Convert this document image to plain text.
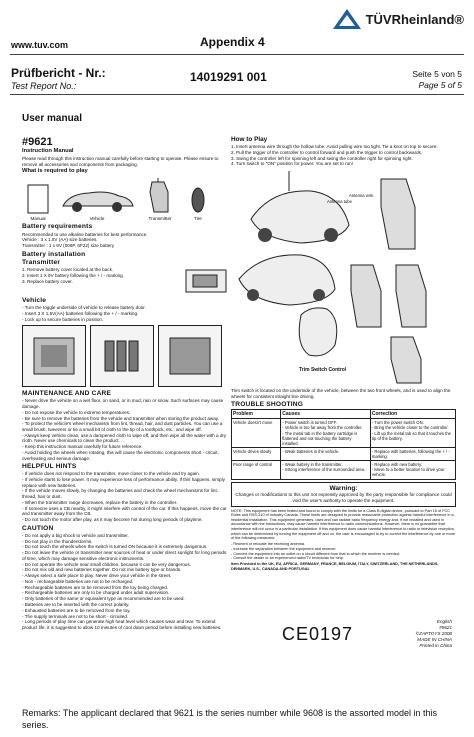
www.tuv.com	Appendix 4
TÜVRheinland®
Prüfbericht - Nr.:
Test Report No.:
14019291 001	Seite 5 von 5
Page 5 of 5
User manual
#9621
Instruction Manual
Please read through this instruction manual carefully before starting to operate. Please ensure to remove all accessories and components from packaging.
What is required to play
Manual	Vehicle	Transmitter	Tire
Battery requirements
Recommended to use alkaline batteries for best performance.
Vehicle : 3 x 1.5V (AA) size batteries.
Transmitter : 1 x 9V (006P, 6F22) size battery
Battery installation
Transmitter
1. Remove battery cover located at the back.
2. Insert 1 X 9V battery following the + / - marking.
3. Replace battery cover.
Vehicle
- Turn the toggle underside of vehicle to release battery door.
- Insert 3 X 1.5V(AA) batteries following the + / - marking.
- Lock up to secure batteries in position.
MAINTENANCE AND CARE
- Never drive the vehicle on a wet floor, on sand, or in mud, rain or snow. Such surfaces may cause damage.
- Do not expose the vehicle to extreme temperatures.
- Be sure to remove the batteries from the vehicle and transmitter when storing the product away.
- To protect the vehicle's wheel mechanism from lint, thread, hair, and dust particles. You can use a small brush, tweezers or tie a small bit of cloth to the tip of a toothpick, etc., and wipe off.
- Always keep vehicle clean, use a dampened cloth to wipe off, and then wipe all the water with a dry cloth. Never use chemicals to clean the product.
- Keep this instruction manual carefully for future reference.
- Avoid holding the wheels when rotating, this will cause the electronic components short - circuit, overheating and serious damage.
HELPFUL HINTS
- If vehicle does not respond to the transmitter, move closer to the vehicle and try again.
- If vehicle starts to lose power. It may experience loss of performance ability. If this happens, simply replace with new batteries.
- If the vehicle moves slowly, by changing the batteries and check the wheel mechanisms for lint, thread, hair or dust.
- When the transmitter range decreases, replace the battery in the controller.
- If someone uses a CB nearby, it might interfere with control of the car. If this happens, move the car and transmitter away from the CB.
- Do not touch the motor after play, as it may become hot during long periods of playtime.
CAUTION
- Do not apply a big shock to vehicle and transmitter.
- Do not play in the thunderstorms.
- Do not touch the wheels when the switch is turned ON because it is extremely dangerous.
- Do not leave the vehicle or transmitter near sources of heat or under direct sunlight for long periods of time, which may damage sensitive electronic instruments.
- Do not operate the vehicle near small children, because it can be very dangerous.
- Do not mix old and new batteries together. Do not mix battery type or brands.
- Always select a safe place to play. Never drive your vehicle in the street.
- Non - rechargeable batteries are not to be recharged.
- Rechargeable batteries are to be removed from the toy being charged.
- Rechargeable batteries are only to be charged under adult supervision.
- Only batteries of the same or equivalent type as recommended are to be used.
- Batteries are to be inserted with the correct polarity.
- Exhausted batteries are to be removed from the toy.
- The supply terminals are not to be short - circuited.
- Long periods of play time can generate high heat level which causes wear and tear. To extend product life, it is suggested to allow 10 minutes of cool down period before installing new batteries.
How to Play
1. Insert antenna wire through the hollow tube. Avoid pulling wire too tight. Tie a knot on top to secure.
2. Pull the trigger of the controller to control forward and push the trigger to control backwards.
3. Swing the controller left for spinning left and swing the controller right for spinning right.
4. Turn switch to "ON" position for power. You are set to run!
Antenna wire
Antenna tube
Trim Switch Control
Trim switch is located on the underside of the vehicle, between the two front wheels, and is used to align the wheels for consistent straight line driving.
TROUBLE SHOOTING
Problem	Causes	Correction
Vehicle doesn't move	- Power switch is turned OFF.
- Vehicle is too far away from the controller.
- The metal tab in the battery cartridge is flattened and not touching the battery installed.	- Turn the power switch ON.
- Bring the vehicle closer to the controller.
- Lift up the metal tab so that it touches the tip of the battery.
Vehicle drives slowly	- Weak batteries in the vehicle.	- Replace with batteries, following the + / - marking.
Poor range of control	- Weak battery in the transmitter.
- Strong interference of the surrounded area.	- Replace with new battery.
- Move to a better location to drive your vehicle.
Warning:
Changes or modifications to this unit not expressly approved by the party responsible for compliance could void the user's authority to operate the equipment.
NOTE: This equipment has been tested and found to comply with the limits for a Class B digital device, pursuant to Part 15 of FCC Rules and RSS-310 of Industry Canada. These limits are designed to provide reasonable protection against harmful interference in a residential installation. This equipment generates, uses and can radiate radio frequency energy and, if not installed and used in accordance with the instructions, may cause harmful interference to radio communications. However, there is no guarantee that interference will not occur in a particular installation. If this equipment does cause harmful interference to radio or television reception, which can be determined by turning the equipment off and on, the user is encouraged to try to correct the interference by one or more of the following measures:
- Reorient or relocate the receiving antenna.
- Increase the separation between the equipment and receiver.
- Connect the equipment into an outlet on a circuit different from that to which the receiver is needed.
- Consult the dealer or an experienced radio/TV technician for help.
Item Provided in the UK, EU, AFRICA, GERMANY, FRANCE, BELGIUM, ITALY, SWITZERLAND, THE NETHERLANDS, DENMARK, U.S., CANADA AND PORTUGAL
CE0197
English
#9621
©ZAPTOYS 2008
MADE IN CHINA
Printed in China
Remarks: The applicant declared that 9621 is the series number while 9608 is the assorted model in this series.
